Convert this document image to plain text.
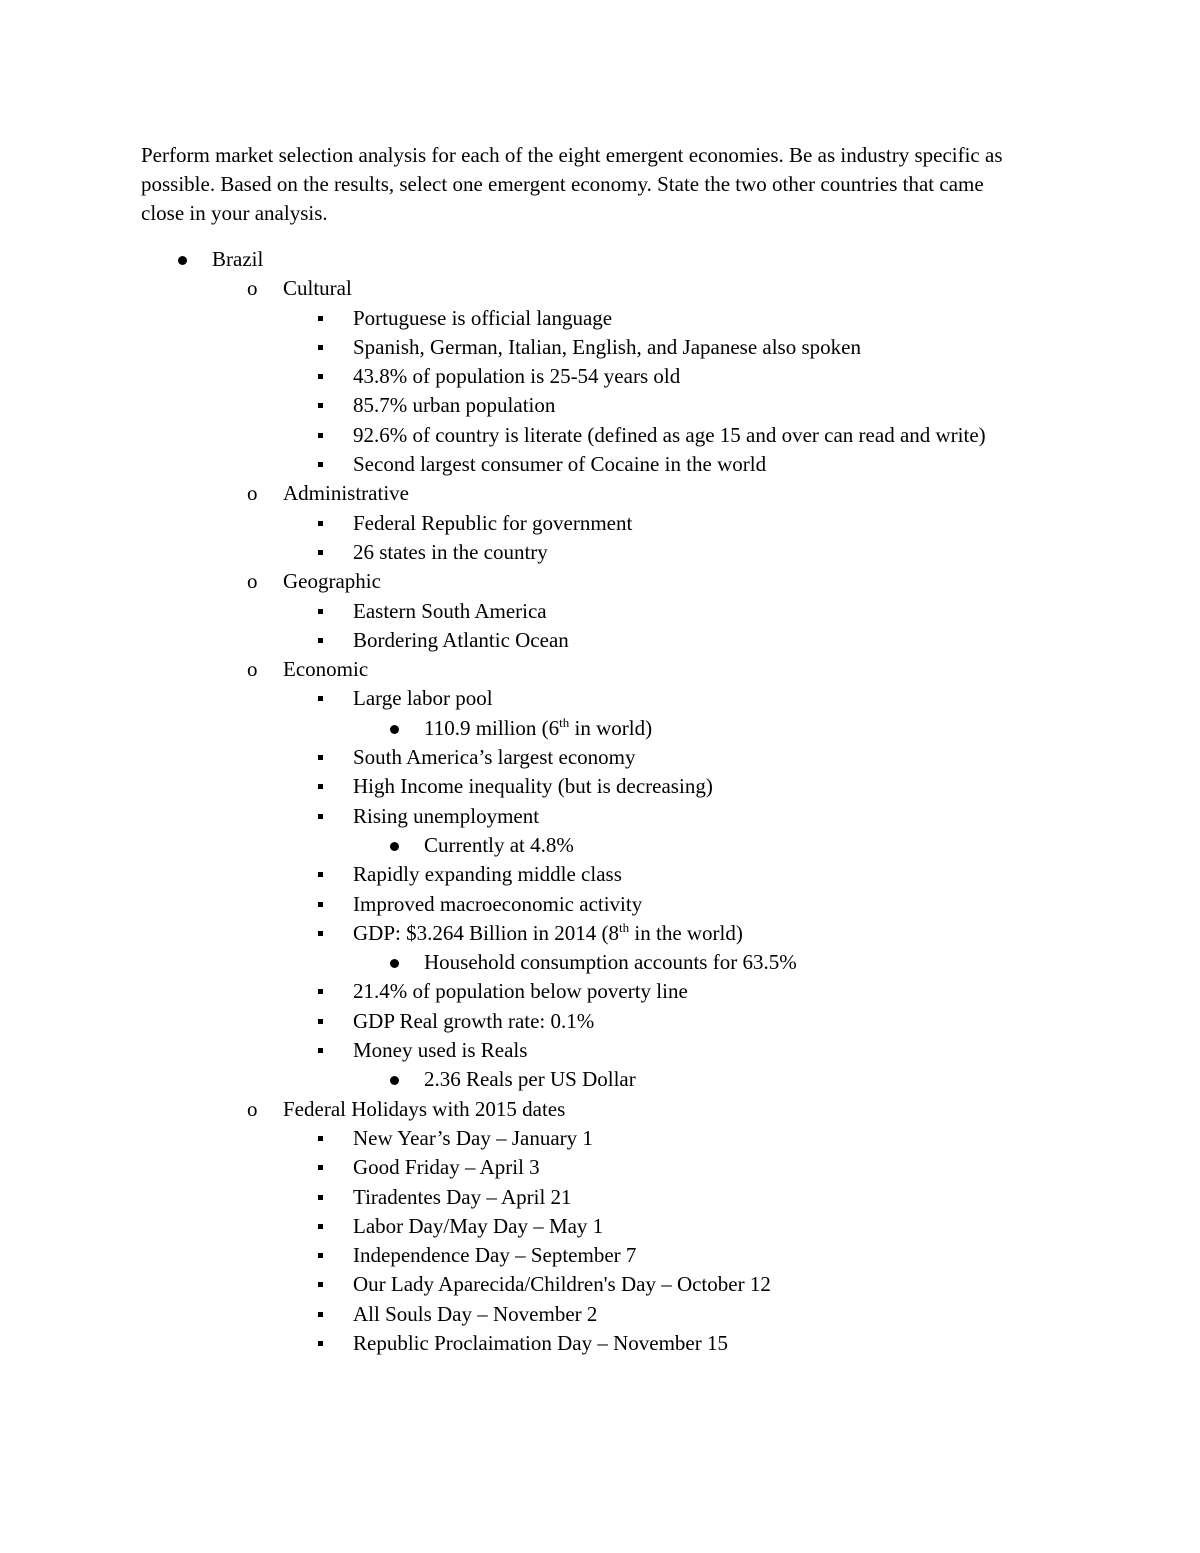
Perform market selection analysis for each of the eight emergent economies. Be as industry specific as possible. Based on the results, select one emergent economy. State the two other countries that came close in your analysis.

Brazil
o Cultural
Portuguese is official language
Spanish, German, Italian, English, and Japanese also spoken
43.8% of population is 25-54 years old
85.7% urban population
92.6% of country is literate (defined as age 15 and over can read and write)
Second largest consumer of Cocaine in the world
o Administrative
Federal Republic for government
26 states in the country
o Geographic
Eastern South America
Bordering Atlantic Ocean
o Economic
Large labor pool
110.9 million (6th in world)
South America’s largest economy
High Income inequality (but is decreasing)
Rising unemployment
Currently at 4.8%
Rapidly expanding middle class
Improved macroeconomic activity
GDP: $3.264 Billion in 2014 (8th in the world)
Household consumption accounts for 63.5%
21.4% of population below poverty line
GDP Real growth rate: 0.1%
Money used is Reals
2.36 Reals per US Dollar
o Federal Holidays with 2015 dates
New Year’s Day – January 1
Good Friday – April 3
Tiradentes Day – April 21
Labor Day/May Day – May 1
Independence Day – September 7
Our Lady Aparecida/Children's Day – October 12
All Souls Day – November 2
Republic Proclaimation Day – November 15
